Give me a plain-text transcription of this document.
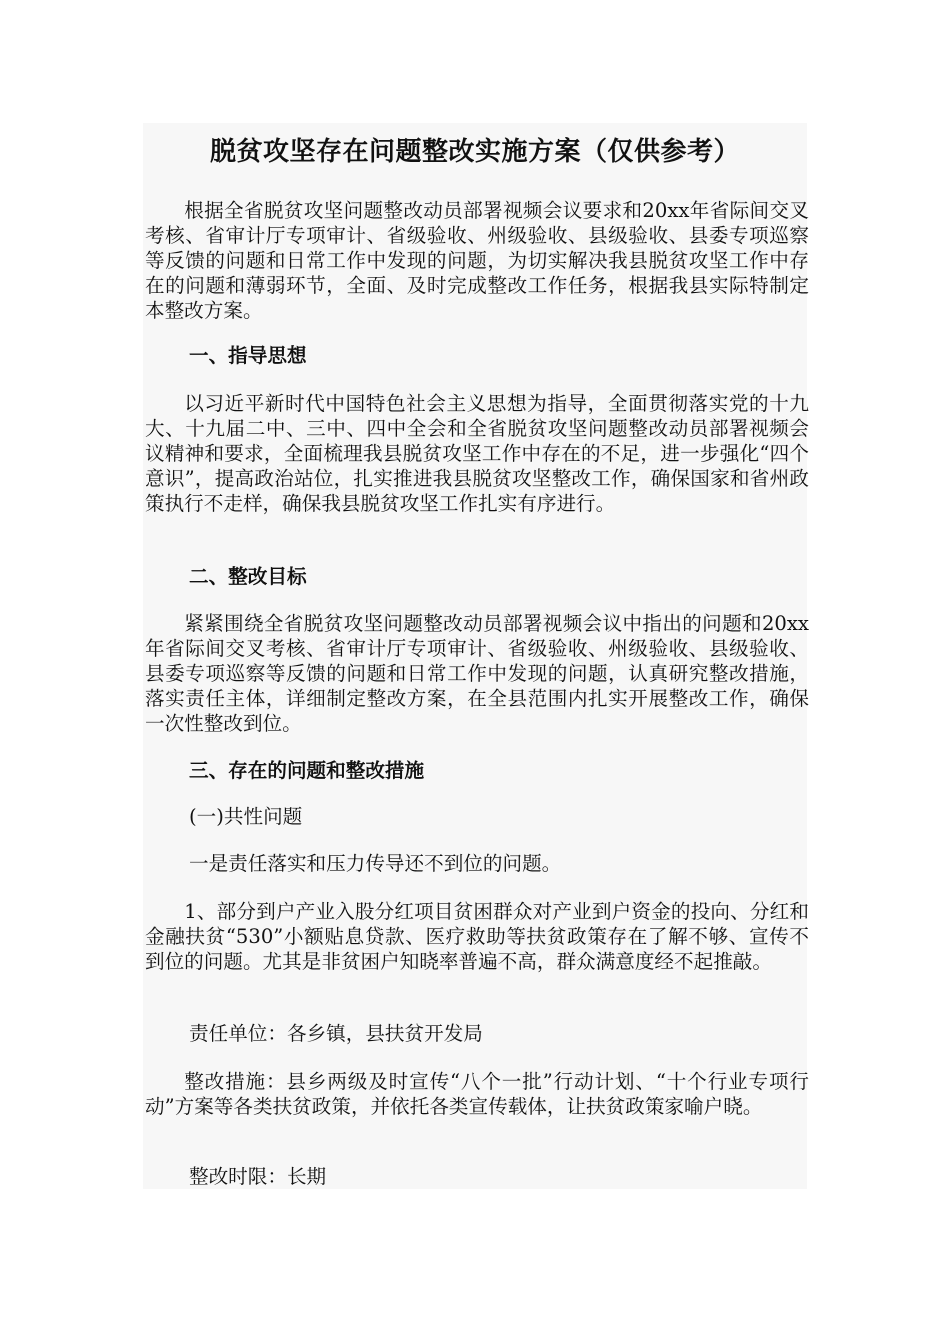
脱贫攻坚存在问题整改实施方案（仅供参考）

根据全省脱贫攻坚问题整改动员部署视频会议要求和20xx年省际间交叉考核、省审计厅专项审计、省级验收、州级验收、县级验收、县委专项巡察等反馈的问题和日常工作中发现的问题，为切实解决我县脱贫攻坚工作中存在的问题和薄弱环节，全面、及时完成整改工作任务，根据我县实际特制定本整改方案。

一、指导思想

以习近平新时代中国特色社会主义思想为指导，全面贯彻落实党的十九大、十九届二中、三中、四中全会和全省脱贫攻坚问题整改动员部署视频会议精神和要求，全面梳理我县脱贫攻坚工作中存在的不足，进一步强化“四个意识”，提高政治站位，扎实推进我县脱贫攻坚整改工作，确保国家和省州政策执行不走样，确保我县脱贫攻坚工作扎实有序进行。

二、整改目标

紧紧围绕全省脱贫攻坚问题整改动员部署视频会议中指出的问题和20xx年省际间交叉考核、省审计厅专项审计、省级验收、州级验收、县级验收、县委专项巡察等反馈的问题和日常工作中发现的问题，认真研究整改措施，落实责任主体，详细制定整改方案，在全县范围内扎实开展整改工作，确保一次性整改到位。

三、存在的问题和整改措施

(一)共性问题

一是责任落实和压力传导还不到位的问题。

1、部分到户产业入股分红项目贫困群众对产业到户资金的投向、分红和金融扶贫“530”小额贴息贷款、医疗救助等扶贫政策存在了解不够、宣传不到位的问题。尤其是非贫困户知晓率普遍不高，群众满意度经不起推敲。

责任单位：各乡镇，县扶贫开发局

整改措施：县乡两级及时宣传“八个一批”行动计划、“十个行业专项行动”方案等各类扶贫政策，并依托各类宣传载体，让扶贫政策家喻户晓。

整改时限：长期
